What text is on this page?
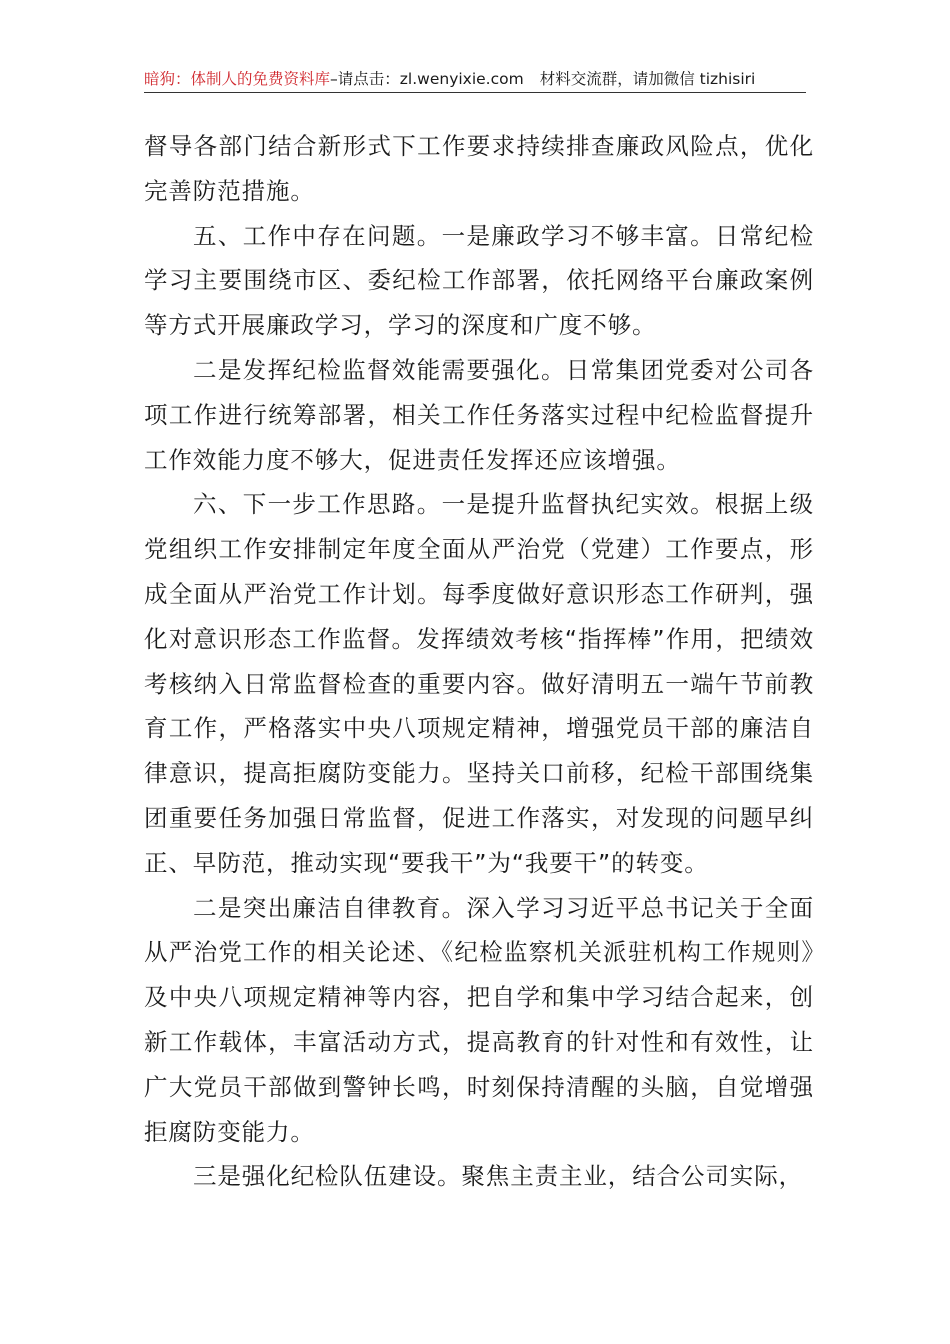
暗狗：体制人的免费资料库–请点击：zl.wenyixie.com 材料交流群，请加微信 tizhisiri

督导各部门结合新形式下工作要求持续排查廉政风险点，优化完善防范措施。

五、工作中存在问题。一是廉政学习不够丰富。日常纪检学习主要围绕市区、委纪检工作部署，依托网络平台廉政案例等方式开展廉政学习，学习的深度和广度不够。

二是发挥纪检监督效能需要强化。日常集团党委对公司各项工作进行统筹部署，相关工作任务落实过程中纪检监督提升工作效能力度不够大，促进责任发挥还应该增强。

六、下一步工作思路。一是提升监督执纪实效。根据上级党组织工作安排制定年度全面从严治党（党建）工作要点，形成全面从严治党工作计划。每季度做好意识形态工作研判，强化对意识形态工作监督。发挥绩效考核“指挥棒”作用，把绩效考核纳入日常监督检查的重要内容。做好清明五一端午节前教育工作，严格落实中央八项规定精神，增强党员干部的廉洁自律意识，提高拒腐防变能力。坚持关口前移，纪检干部围绕集团重要任务加强日常监督，促进工作落实，对发现的问题早纠正、早防范，推动实现“要我干”为“我要干”的转变。

二是突出廉洁自律教育。深入学习习近平总书记关于全面从严治党工作的相关论述、《纪检监察机关派驻机构工作规则》及中央八项规定精神等内容，把自学和集中学习结合起来，创新工作载体，丰富活动方式，提高教育的针对性和有效性，让广大党员干部做到警钟长鸣，时刻保持清醒的头脑，自觉增强拒腐防变能力。

三是强化纪检队伍建设。聚焦主责主业，结合公司实际，
